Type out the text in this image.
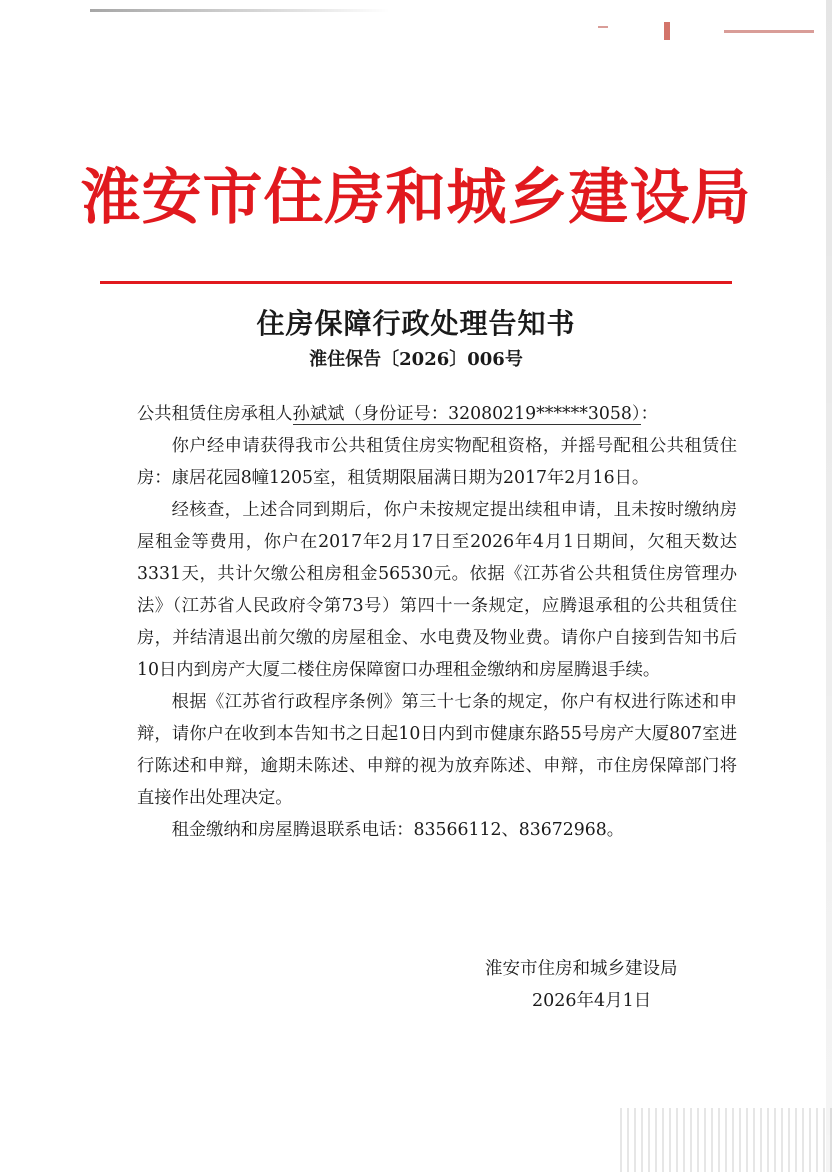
淮安市住房和城乡建设局
住房保障行政处理告知书
淮住保告〔2026〕006号

公共租赁住房承租人孙斌斌（身份证号：32080219******3058）：

你户经申请获得我市公共租赁住房实物配租资格，并摇号配租公共租赁住房：康居花园8幢1205室，租赁期限届满日期为2017年2月16日。

经核查，上述合同到期后，你户未按规定提出续租申请，且未按时缴纳房屋租金等费用，你户在2017年2月17日至2026年4月1日期间，欠租天数达3331天，共计欠缴公租房租金56530元。依据《江苏省公共租赁住房管理办法》（江苏省人民政府令第73号）第四十一条规定，应腾退承租的公共租赁住房，并结清退出前欠缴的房屋租金、水电费及物业费。请你户自接到告知书后10日内到房产大厦二楼住房保障窗口办理租金缴纳和房屋腾退手续。

根据《江苏省行政程序条例》第三十七条的规定，你户有权进行陈述和申辩，请你户在收到本告知书之日起10日内到市健康东路55号房产大厦807室进行陈述和申辩，逾期未陈述、申辩的视为放弃陈述、申辩，市住房保障部门将直接作出处理决定。

租金缴纳和房屋腾退联系电话：83566112、83672968。

淮安市住房和城乡建设局
2026年4月1日
